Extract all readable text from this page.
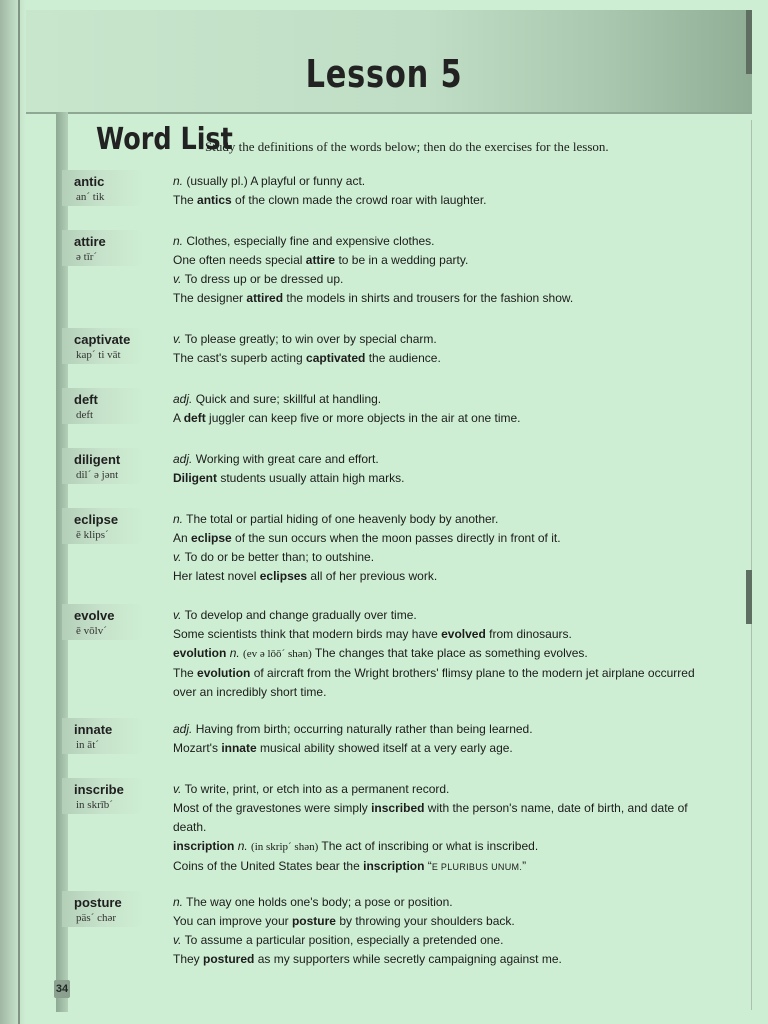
Lesson 5
Word List
Study the definitions of the words below; then do the exercises for the lesson.
antic
an´ tik
n. (usually pl.) A playful or funny act.
The antics of the clown made the crowd roar with laughter.
attire
ə tīr´
n. Clothes, especially fine and expensive clothes.
One often needs special attire to be in a wedding party.
v. To dress up or be dressed up.
The designer attired the models in shirts and trousers for the fashion show.
captivate
kap´ ti vāt
v. To please greatly; to win over by special charm.
The cast's superb acting captivated the audience.
deft
deft
adj. Quick and sure; skillful at handling.
A deft juggler can keep five or more objects in the air at one time.
diligent
dil´ ə jənt
adj. Working with great care and effort.
Diligent students usually attain high marks.
eclipse
ē klips´
n. The total or partial hiding of one heavenly body by another.
An eclipse of the sun occurs when the moon passes directly in front of it.
v. To do or be better than; to outshine.
Her latest novel eclipses all of her previous work.
evolve
ē vōlv´
v. To develop and change gradually over time.
Some scientists think that modern birds may have evolved from dinosaurs.
evolution n. (ev ə lōō´ shən) The changes that take place as something evolves.
The evolution of aircraft from the Wright brothers' flimsy plane to the modern jet airplane occurred over an incredibly short time.
innate
in āt´
adj. Having from birth; occurring naturally rather than being learned.
Mozart's innate musical ability showed itself at a very early age.
inscribe
in skrīb´
v. To write, print, or etch into as a permanent record.
Most of the gravestones were simply inscribed with the person's name, date of birth, and date of death.
inscription n. (in skrip´ shən) The act of inscribing or what is inscribed.
Coins of the United States bear the inscription “E PLURIBUS UNUM.”
posture
päs´ chər
n. The way one holds one's body; a pose or position.
You can improve your posture by throwing your shoulders back.
v. To assume a particular position, especially a pretended one.
They postured as my supporters while secretly campaigning against me.
34
